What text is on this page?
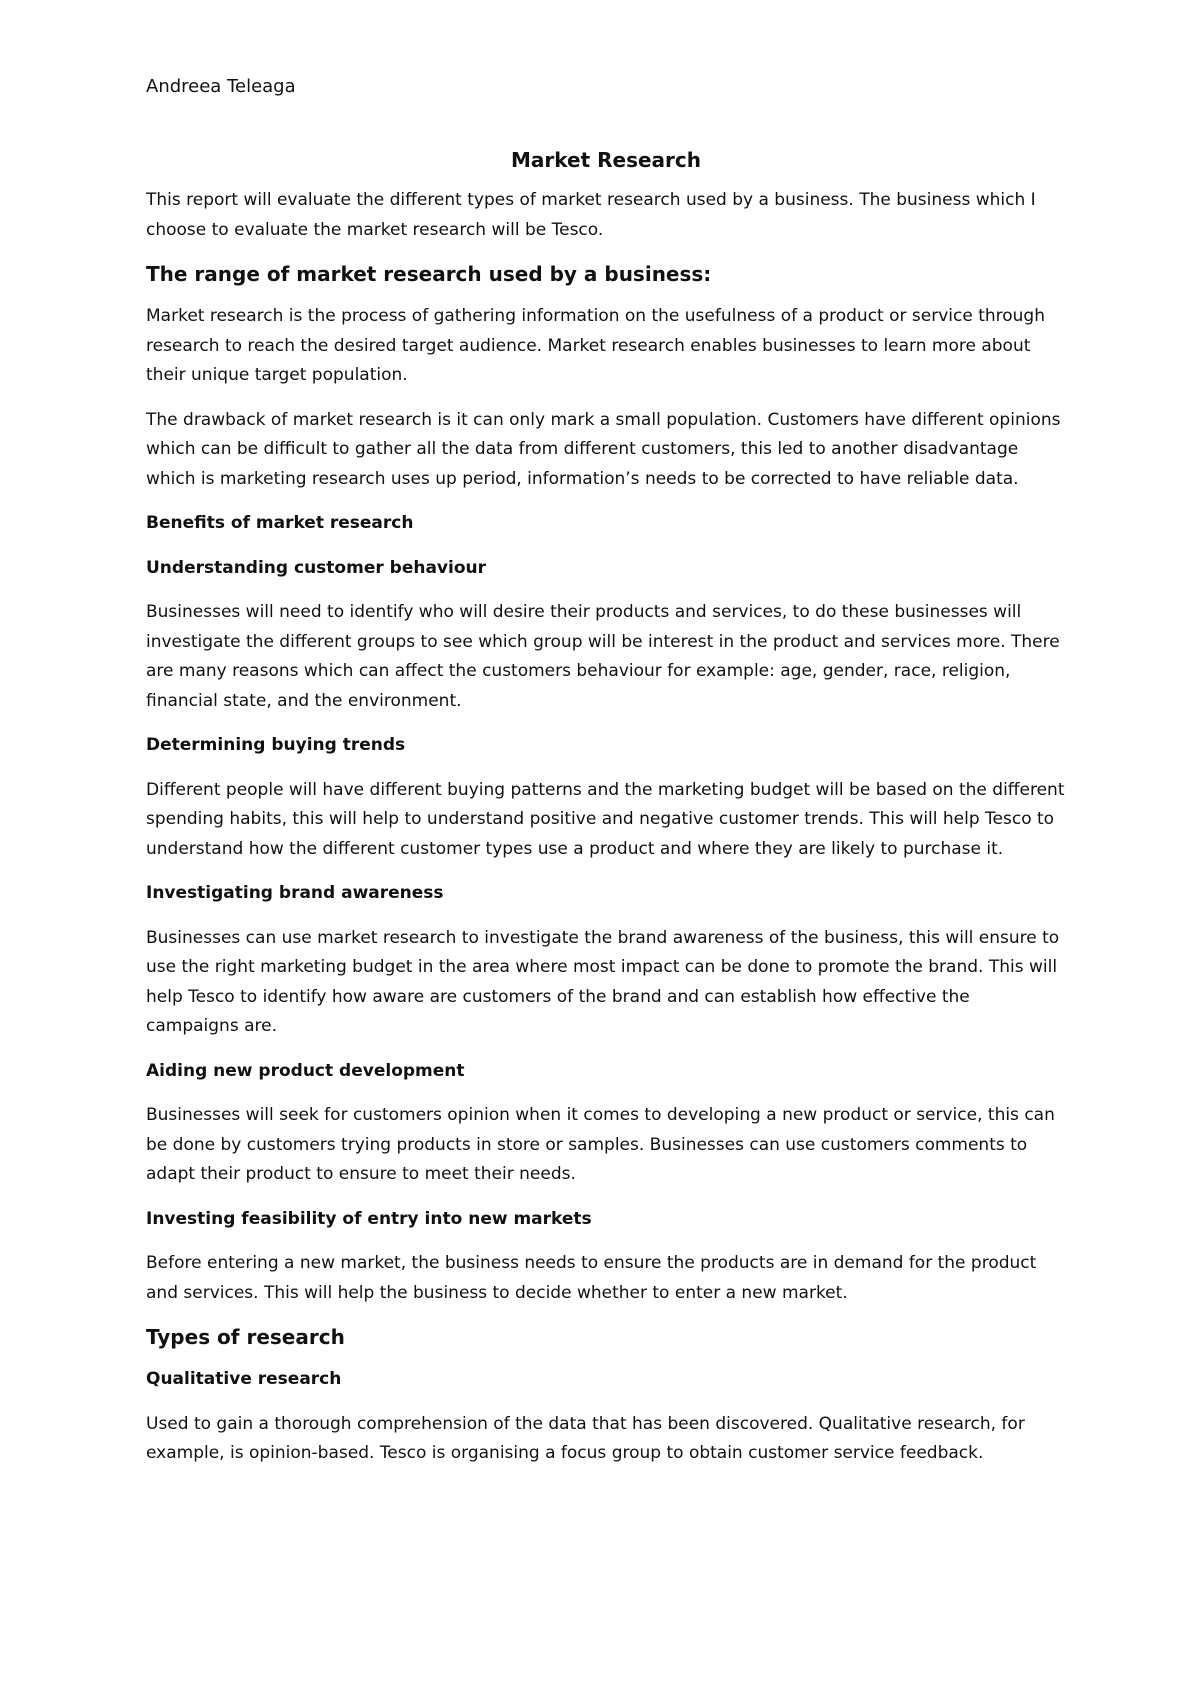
Andreea Teleaga
Market Research

This report will evaluate the different types of market research used by a business. The business which I choose to evaluate the market research will be Tesco.

The range of market research used by a business:

Market research is the process of gathering information on the usefulness of a product or service through research to reach the desired target audience. Market research enables businesses to learn more about their unique target population.

The drawback of market research is it can only mark a small population. Customers have different opinions which can be difficult to gather all the data from different customers, this led to another disadvantage which is marketing research uses up period, information’s needs to be corrected to have reliable data.

Benefits of market research
Understanding customer behaviour

Businesses will need to identify who will desire their products and services, to do these businesses will investigate the different groups to see which group will be interest in the product and services more. There are many reasons which can affect the customers behaviour for example: age, gender, race, religion, financial state, and the environment.

Determining buying trends

Different people will have different buying patterns and the marketing budget will be based on the different spending habits, this will help to understand positive and negative customer trends. This will help Tesco to understand how the different customer types use a product and where they are likely to purchase it.

Investigating brand awareness

Businesses can use market research to investigate the brand awareness of the business, this will ensure to use the right marketing budget in the area where most impact can be done to promote the brand. This will help Tesco to identify how aware are customers of the brand and can establish how effective the campaigns are.

Aiding new product development

Businesses will seek for customers opinion when it comes to developing a new product or service, this can be done by customers trying products in store or samples. Businesses can use customers comments to adapt their product to ensure to meet their needs.

Investing feasibility of entry into new markets

Before entering a new market, the business needs to ensure the products are in demand for the product and services. This will help the business to decide whether to enter a new market.

Types of research
Qualitative research

Used to gain a thorough comprehension of the data that has been discovered. Qualitative research, for example, is opinion-based. Tesco is organising a focus group to obtain customer service feedback.
